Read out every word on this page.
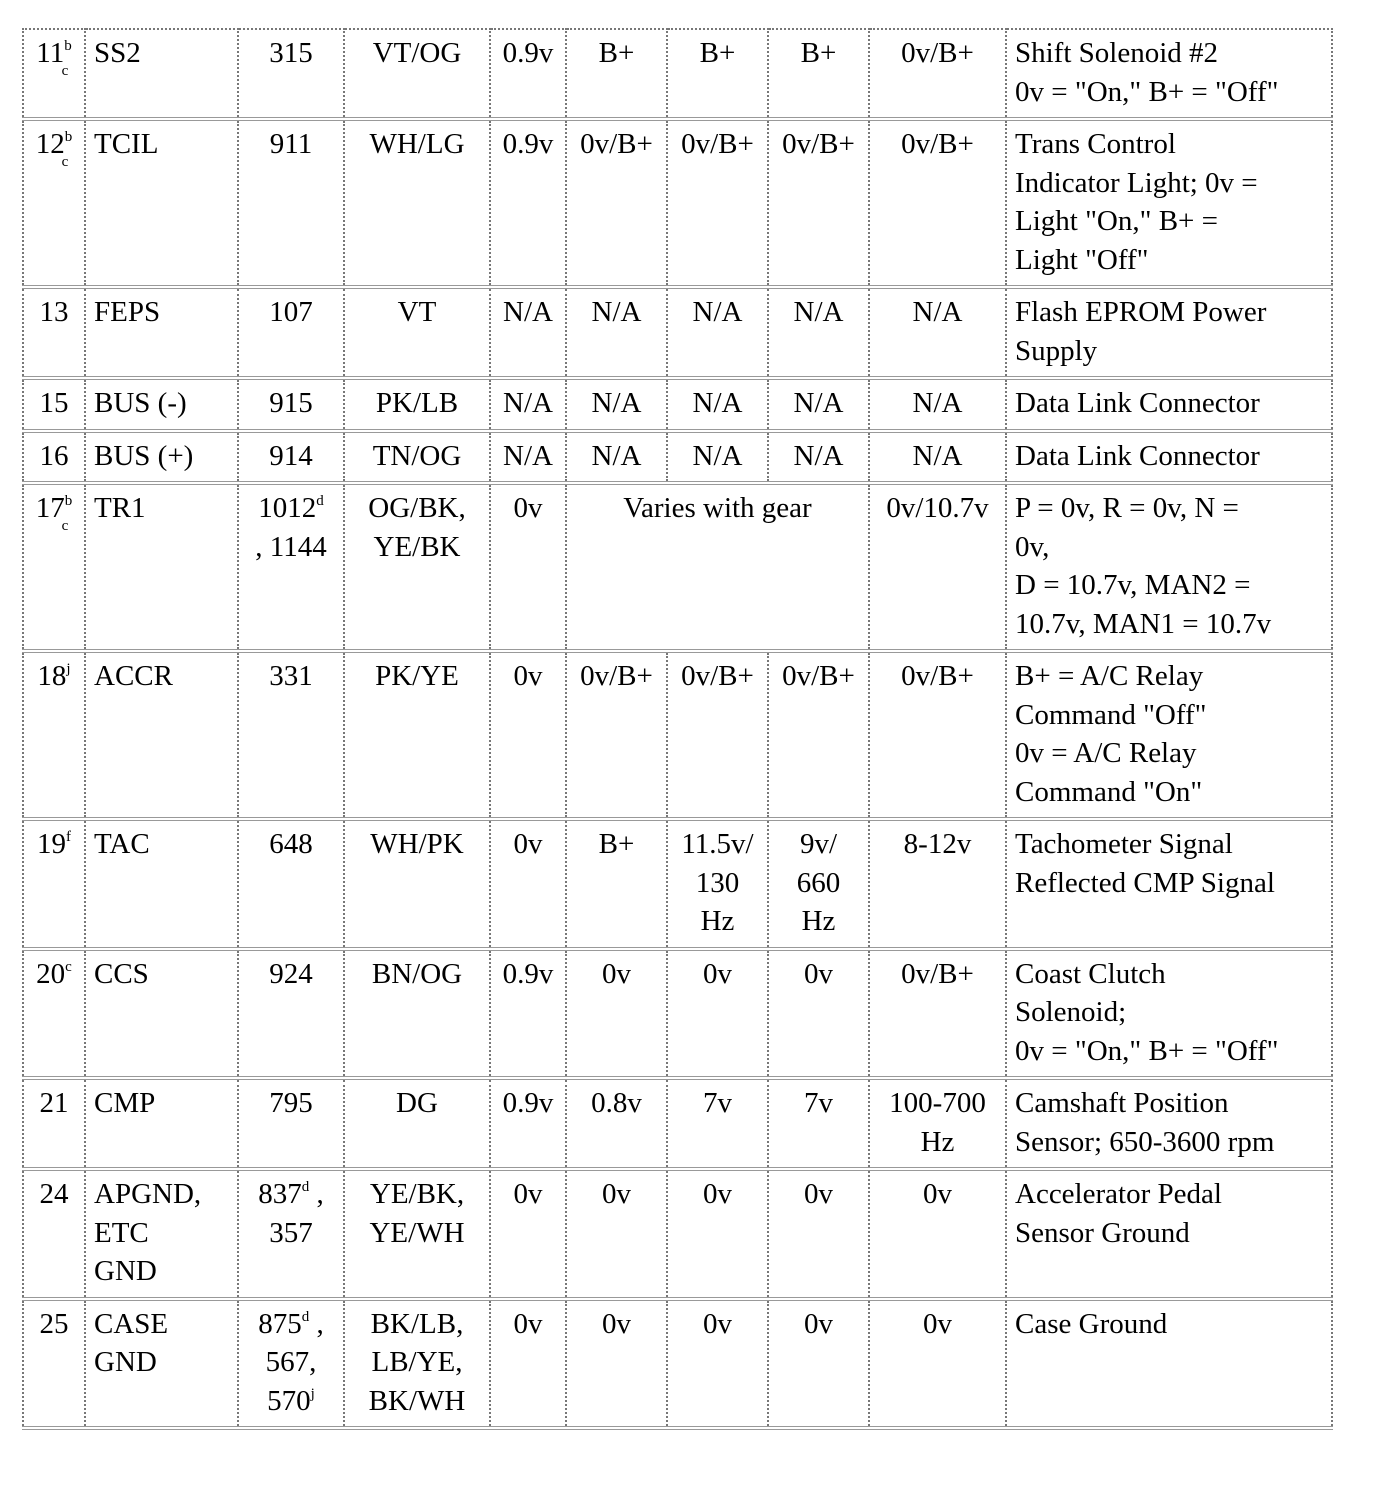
11$^b$
c	SS2	315	VT/OG	0.9v	B+	B+	B+	0v/B+	Shift Solenoid #2
0v = "On," B+ = "Off"

12$^b$
c	TCIL	911	WH/LG	0.9v	0v/B+	0v/B+	0v/B+	0v/B+	Trans Control
Indicator Light; 0v =
Light "On," B+ =
Light "Off"

13	FEPS	107	VT	N/A	N/A	N/A	N/A	N/A	Flash EPROM Power
Supply

15	BUS (-)	915	PK/LB	N/A	N/A	N/A	N/A	N/A	Data Link Connector

16	BUS (+)	914	TN/OG	N/A	N/A	N/A	N/A	N/A	Data Link Connector

17$^b$
c	TR1	1012$^d$
, 1144	OG/BK,
YE/BK	0v	Varies with gear			0v/10.7v	P = 0v, R = 0v, N =
0v,
D = 10.7v, MAN2 =
10.7v, MAN1 = 10.7v

18$^j$	ACCR	331	PK/YE	0v	0v/B+	0v/B+	0v/B+	0v/B+	B+ = A/C Relay
Command "Off"
0v = A/C Relay
Command "On"

19$^f$	TAC	648	WH/PK	0v	B+	11.5v/
130
Hz	9v/
660
Hz	8-12v	Tachometer Signal
Reflected CMP Signal

20$^c$	CCS	924	BN/OG	0.9v	0v	0v	0v	0v/B+	Coast Clutch
Solenoid;
0v = "On," B+ = "Off"

21	CMP	795	DG	0.9v	0.8v	7v	7v	100-700
Hz	Camshaft Position
Sensor; 650-3600 rpm

24	APGND,
ETC
GND	837$^d$ ,
357	YE/BK,
YE/WH	0v	0v	0v	0v	0v	Accelerator Pedal
Sensor Ground

25	CASE
GND	875$^d$ ,
567,
570$^j$	BK/LB,
LB/YE,
BK/WH	0v	0v	0v	0v	0v	Case Ground
